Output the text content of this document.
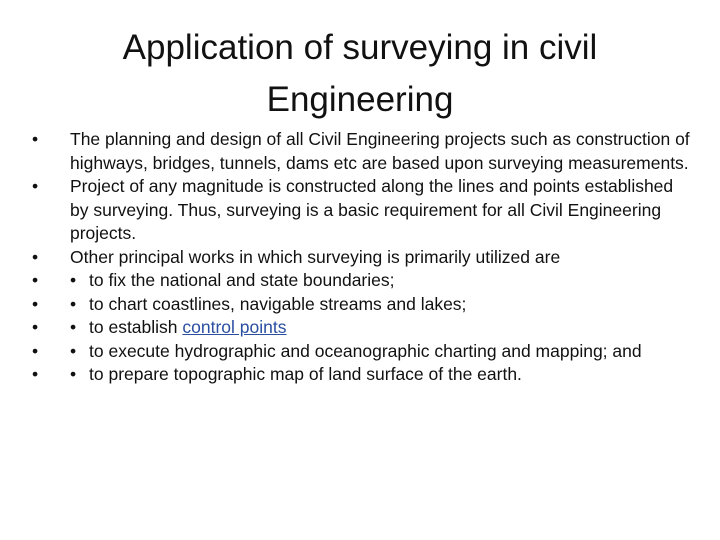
Application of surveying in civil
Engineering
•	The planning and design of all Civil Engineering projects such as construction of highways, bridges, tunnels, dams etc are based upon surveying measurements.
•	Project of any magnitude is constructed along the lines and points established by surveying. Thus, surveying is a basic requirement for all Civil Engineering projects.
•	Other principal works in which surveying is primarily utilized are
•	• to fix the national and state boundaries;
•	• to chart coastlines, navigable streams and lakes;
•	• to establish control points
•	• to execute hydrographic and oceanographic charting and mapping; and
•	• to prepare topographic map of land surface of the earth.
